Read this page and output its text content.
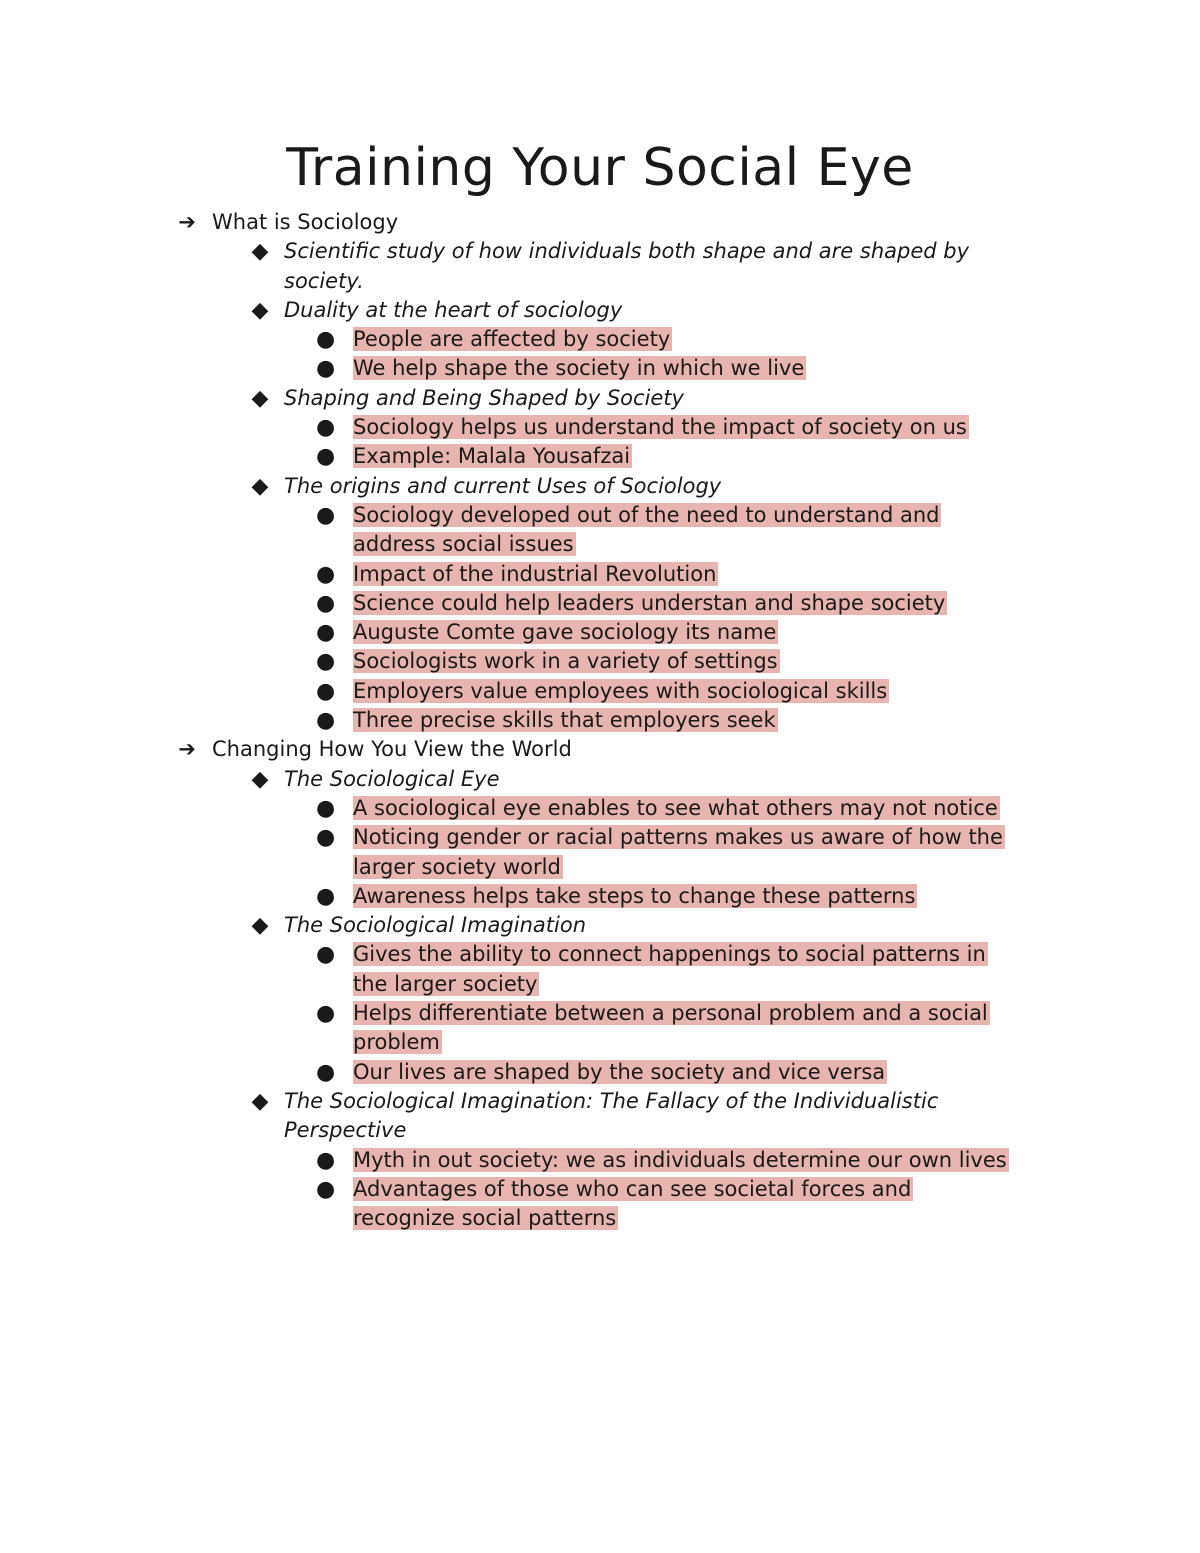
Training Your Social Eye
➔ What is Sociology
◆ Scientific study of how individuals both shape and are shaped by
society.
◆ Duality at the heart of sociology
● People are affected by society
● We help shape the society in which we live
◆ Shaping and Being Shaped by Society
● Sociology helps us understand the impact of society on us
● Example: Malala Yousafzai
◆ The origins and current Uses of Sociology
● Sociology developed out of the need to understand and
address social issues
● Impact of the industrial Revolution
● Science could help leaders understan and shape society
● Auguste Comte gave sociology its name
● Sociologists work in a variety of settings
● Employers value employees with sociological skills
● Three precise skills that employers seek
➔ Changing How You View the World
◆ The Sociological Eye
● A sociological eye enables to see what others may not notice
● Noticing gender or racial patterns makes us aware of how the
larger society world
● Awareness helps take steps to change these patterns
◆ The Sociological Imagination
● Gives the ability to connect happenings to social patterns in
the larger society
● Helps differentiate between a personal problem and a social
problem
● Our lives are shaped by the society and vice versa
◆ The Sociological Imagination: The Fallacy of the Individualistic
Perspective
● Myth in out society: we as individuals determine our own lives
● Advantages of those who can see societal forces and
recognize social patterns
